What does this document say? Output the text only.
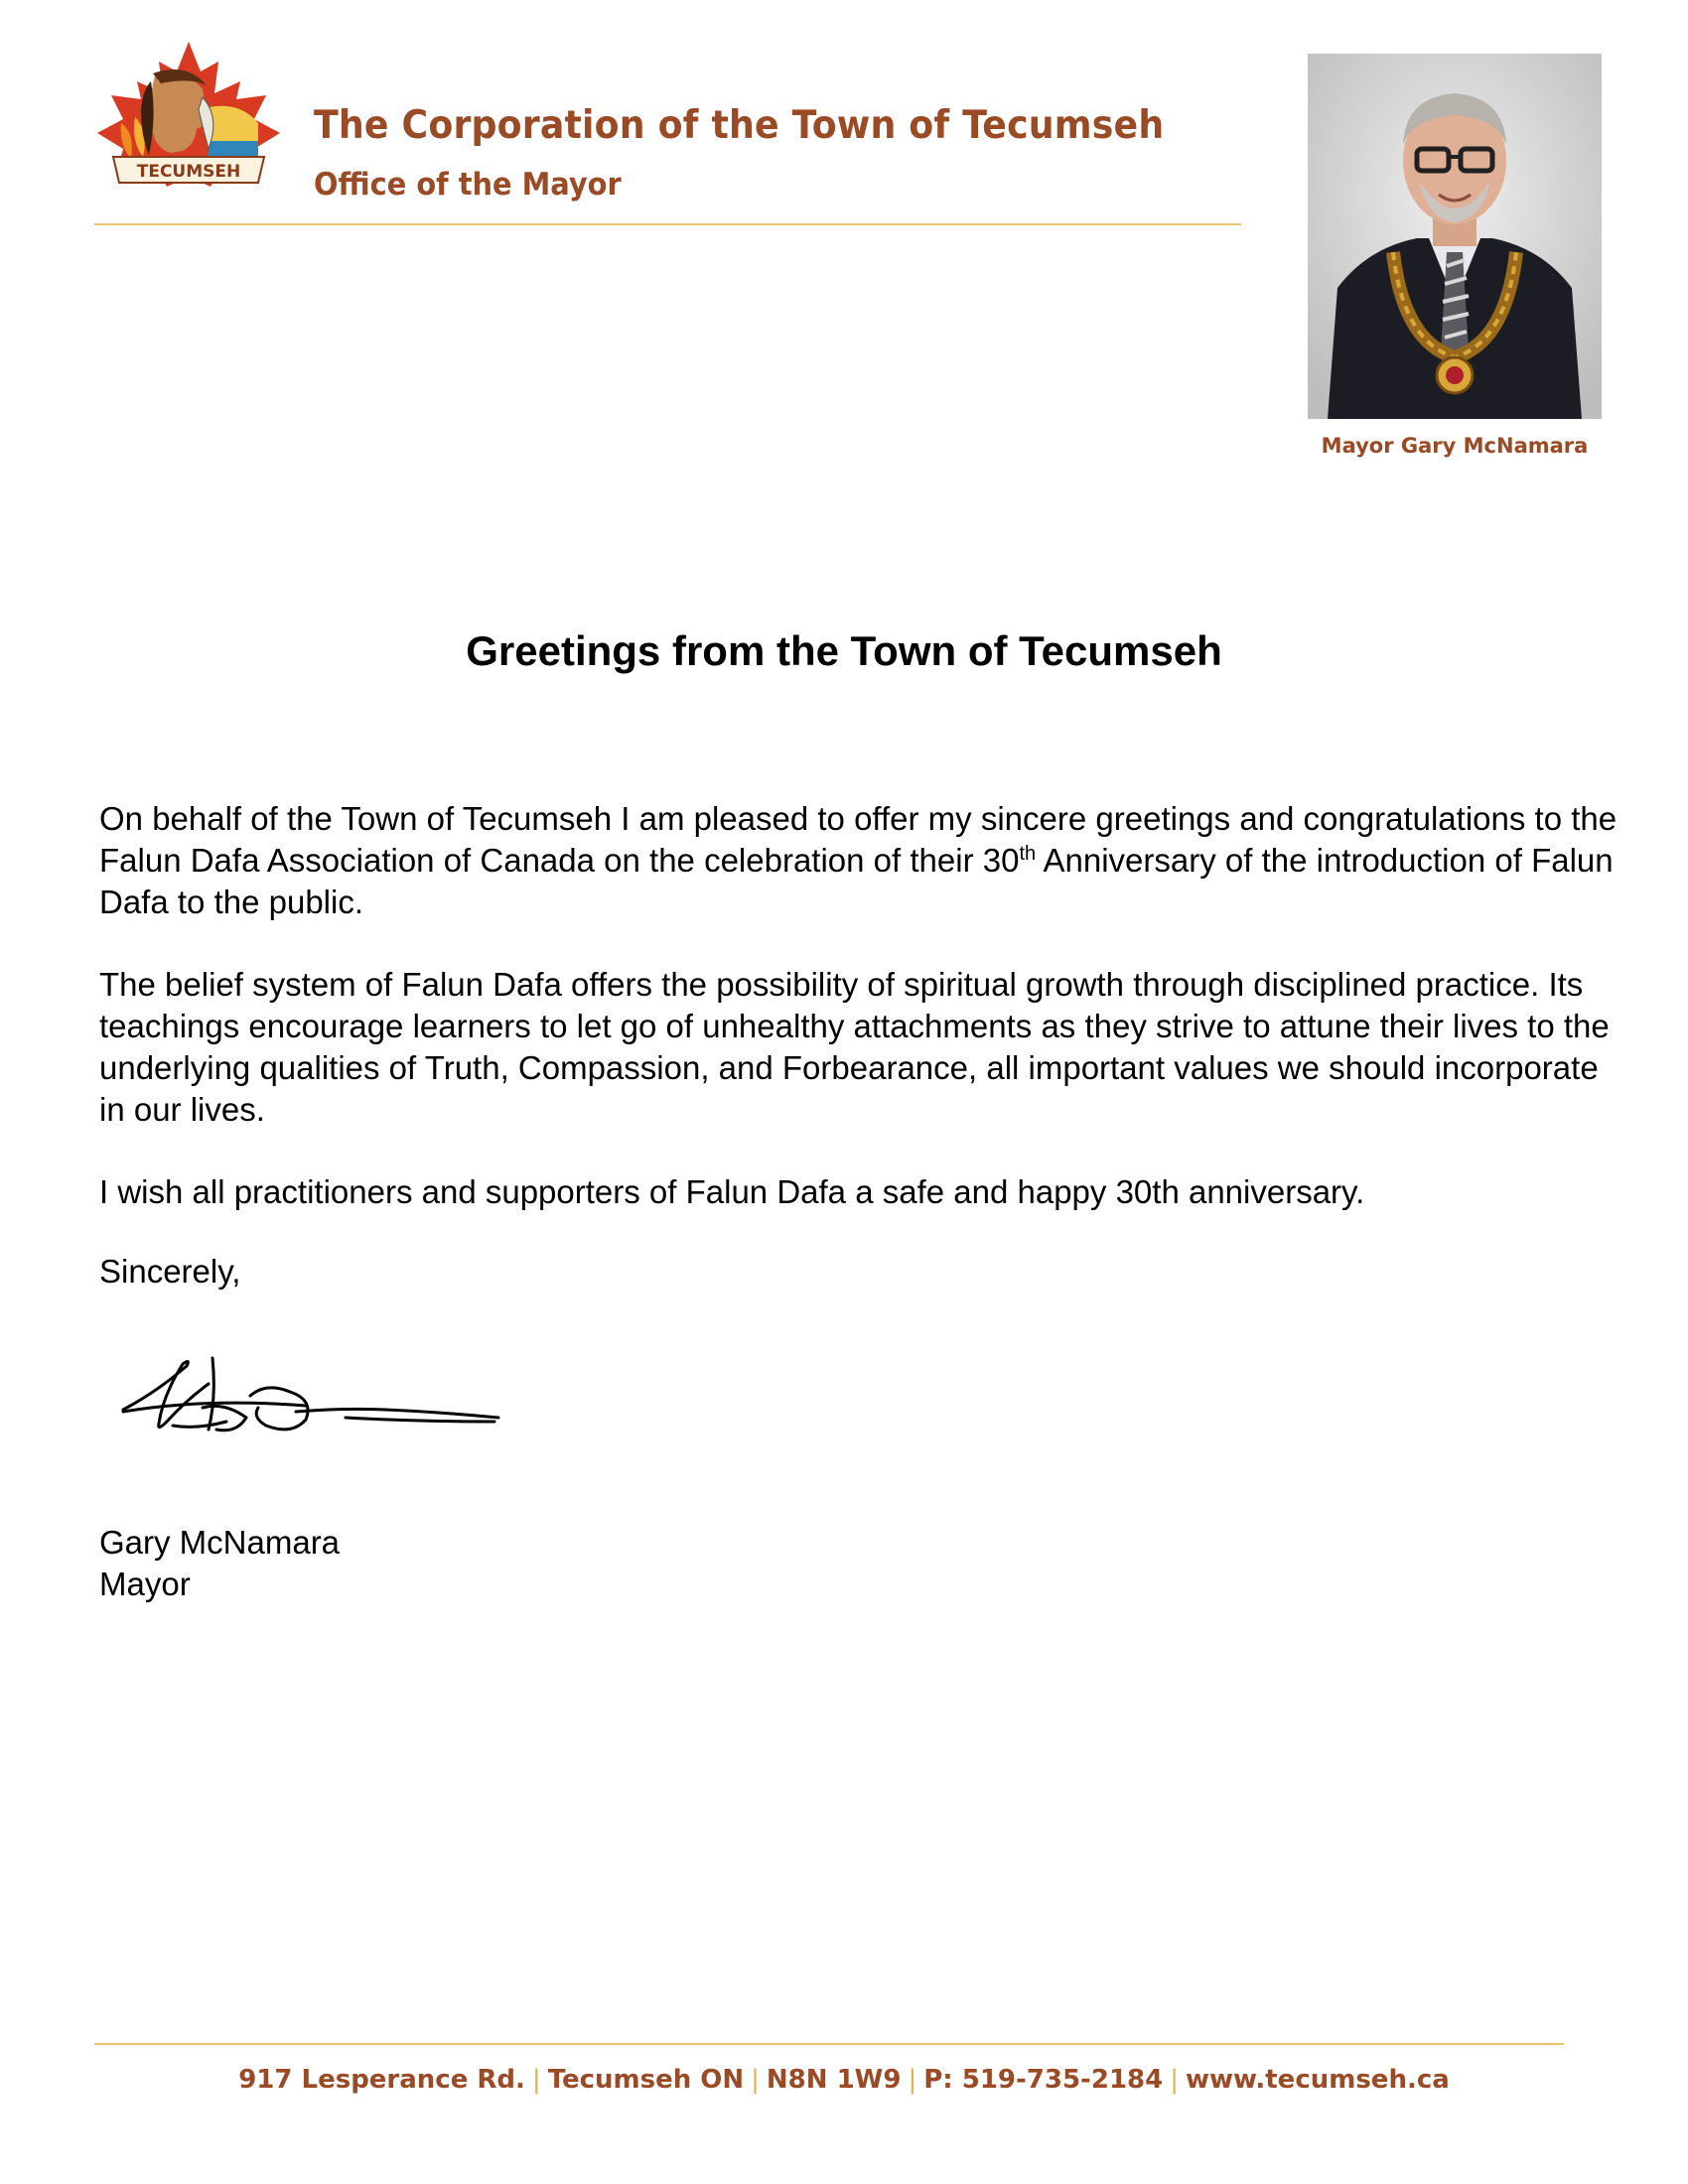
TECUMSEH
The Corporation of the Town of Tecumseh
Office of the Mayor
Mayor Gary McNamara
Greetings from the Town of Tecumseh
On behalf of the Town of Tecumseh I am pleased to offer my sincere greetings and congratulations to the Falun Dafa Association of Canada on the celebration of their 30th Anniversary of the introduction of Falun Dafa to the public.
The belief system of Falun Dafa offers the possibility of spiritual growth through disciplined practice. Its teachings encourage learners to let go of unhealthy attachments as they strive to attune their lives to the underlying qualities of Truth, Compassion, and Forbearance, all important values we should incorporate in our lives.
I wish all practitioners and supporters of Falun Dafa a safe and happy 30th anniversary.
Sincerely,
Gary McNamara
Mayor
917 Lesperance Rd. | Tecumseh ON | N8N 1W9 | P: 519-735-2184 | www.tecumseh.ca
